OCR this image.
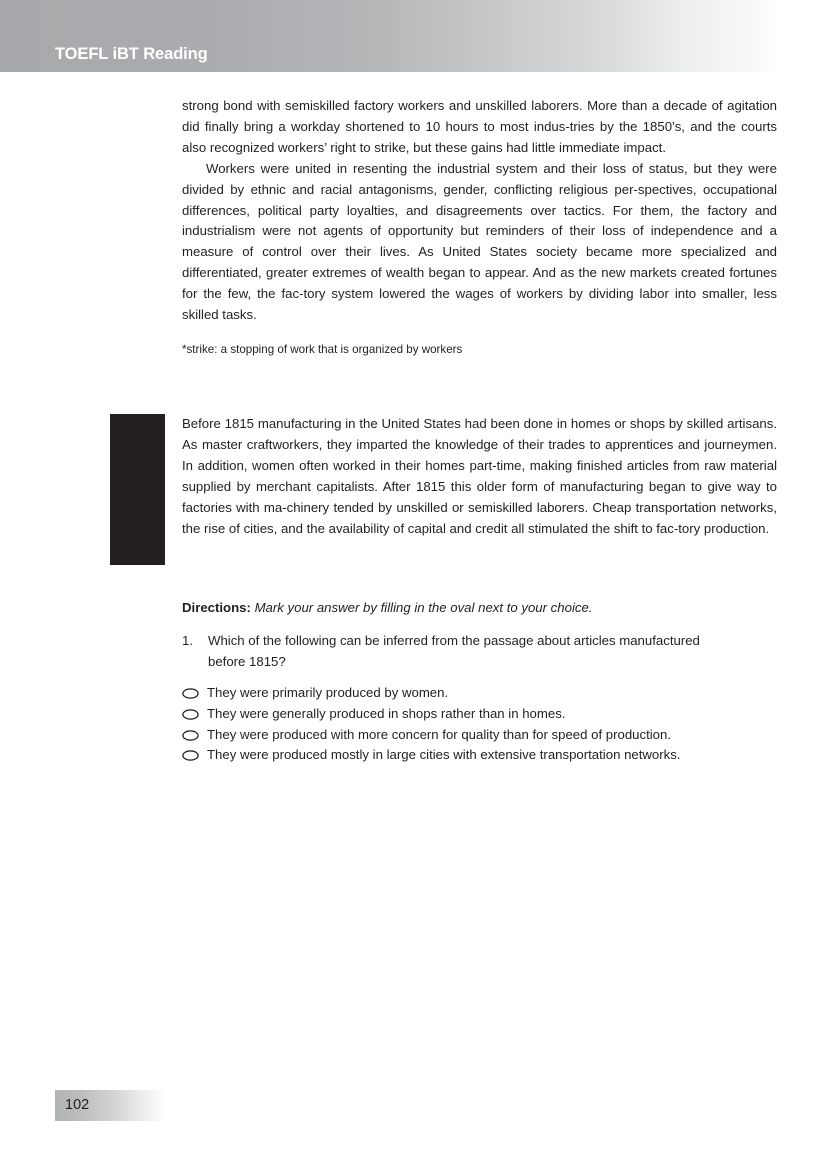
TOEFL iBT Reading

strong bond with semiskilled factory workers and unskilled laborers. More than a decade of agitation did finally bring a workday shortened to 10 hours to most indus-tries by the 1850’s, and the courts also recognized workers’ right to strike, but these gains had little immediate impact.

Workers were united in resenting the industrial system and their loss of status, but they were divided by ethnic and racial antagonisms, gender, conflicting religious per-spectives, occupational differences, political party loyalties, and disagreements over tactics. For them, the factory and industrialism were not agents of opportunity but reminders of their loss of independence and a measure of control over their lives. As United States society became more specialized and differentiated, greater extremes of wealth began to appear. And as the new markets created fortunes for the few, the fac-tory system lowered the wages of workers by dividing labor into smaller, less skilled tasks.

*strike: a stopping of work that is organized by workers

Before 1815 manufacturing in the United States had been done in homes or shops by skilled artisans. As master craftworkers, they imparted the knowledge of their trades to apprentices and journeymen. In addition, women often worked in their homes part-time, making finished articles from raw material supplied by merchant capitalists. After 1815 this older form of manufacturing began to give way to factories with ma-chinery tended by unskilled or semiskilled laborers. Cheap transportation networks, the rise of cities, and the availability of capital and credit all stimulated the shift to fac-tory production.

Directions: Mark your answer by filling in the oval next to your choice.

1.	Which of the following can be inferred from the passage about articles manufactured before 1815?
They were primarily produced by women.
They were generally produced in shops rather than in homes.
They were produced with more concern for quality than for speed of production.
They were produced mostly in large cities with extensive transportation networks.
102
